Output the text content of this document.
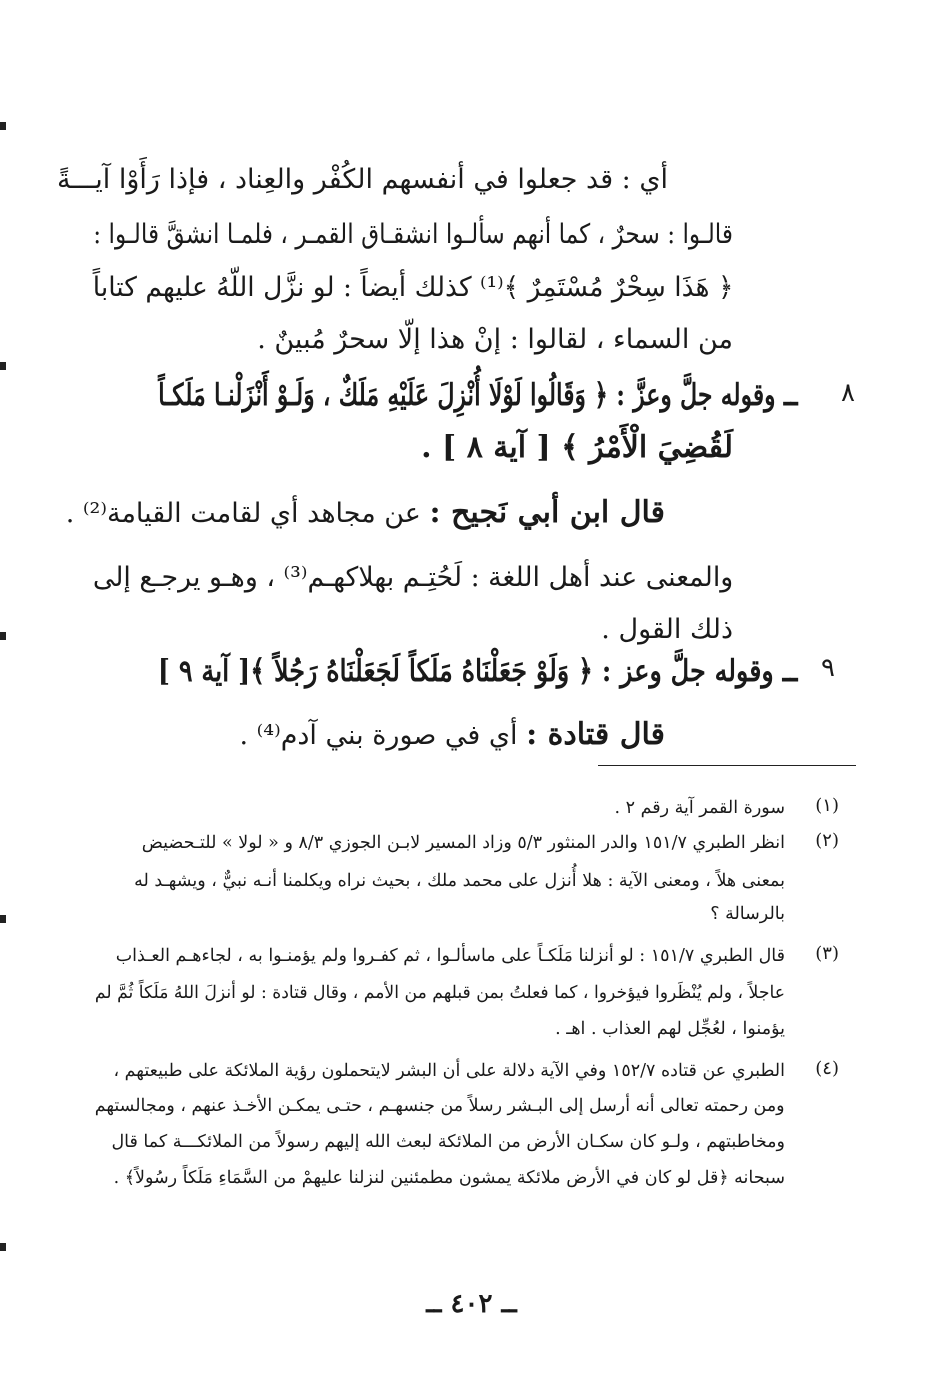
أي : قد جعلوا في أنفسهم الكُفْر والعِناد ، فإذا رَأَوْا آيـــةً
قالـوا : سحرٌ ، كما أنهم سألـوا انشقـاق القمـر ، فلمـا انشقَّ قالـوا :
﴿ هَذَا سِحْرٌ مُسْتَمِرٌ ﴾⁽¹⁾ كذلك أيضاً : لو نزَّل اللّهُ عليهم كتاباً
من السماء ، لقالوا : إنْ هذا إلّا سحرٌ مُبينٌ .
٨
ــ وقوله جلَّ وعزَّ : ﴿ وَقَالُوا لَوْلَا أُنْزِلَ عَلَيْهِ مَلَكٌ ، وَلَـوْ أَنْزَلْنـا مَلَكـاً
لَقُضِيَ الْأَمْرُ ﴾ [ آية ٨ ] .
قال ابن أبي نَجيح : عن مجاهد أي لقامت القيامة⁽²⁾ .
والمعنى عند أهل اللغة : لَحُتِـم بهلاكهـم⁽³⁾ ، وهـو يرجـع إلى
ذلك القول .
٩
ــ وقوله جلَّ وعز : ﴿ وَلَوْ جَعَلْنَاهُ مَلَكاً لَجَعَلْنَاهُ رَجُلاً ﴾[ آية ٩ ]
قال قتادة : أي في صورة بني آدم⁽⁴⁾ .
(١)
سورة القمر آية رقم ٢ .
(٢)
انظر الطبري ١٥١/٧ والدر المنثور ٥/٣ وزاد المسير لابـن الجوزي ٨/٣ و « لولا » للتـحضيض
بمعنى هلاً ، ومعنى الآية : هلا أُنزل على محمد ملك ، بحيث نراه ويكلمنا أنـه نبيٌّ ، ويشهـد له
بالرسالة ؟
(٣)
قال الطبري ١٥١/٧ : لو أنزلنا مَلَكـاً على ماسألـوا ، ثم كفـروا ولم يؤمنـوا به ، لجاءهـم العـذاب
عاجلاً ، ولم يُنْظَروا فيؤخروا ، كما فعلتُ بمن قبلهم من الأمم ، وقال قتادة : لو أنزلَ اللهُ مَلَكاً ثُمَّ لم
يؤمنوا ، لعُجِّل لهم العذاب . اهـ .
(٤)
الطبري عن قتاده ١٥٢/٧ وفي الآية دلالة على أن البشر لايتحملون رؤية الملائكة على طبيعتهم ،
ومن رحمته تعالى أنه أرسل إلى البـشر رسلاً من جنسهـم ، حتـى يمكـن الأخـذ عنهم ، ومجالستهم
ومخاطبتهم ، ولـو كان سكـان الأرض من الملائكة لبعث الله إليهم رسولاً من الملائكـــة كما قال
سبحانه ﴿قل لو كان في الأرض ملائكة يمشون مطمئنين لنزلنا عليهمْ من السَّمَاءِ مَلَكاً رسُولاً﴾ .
ــ ٤٠٢ ــ
